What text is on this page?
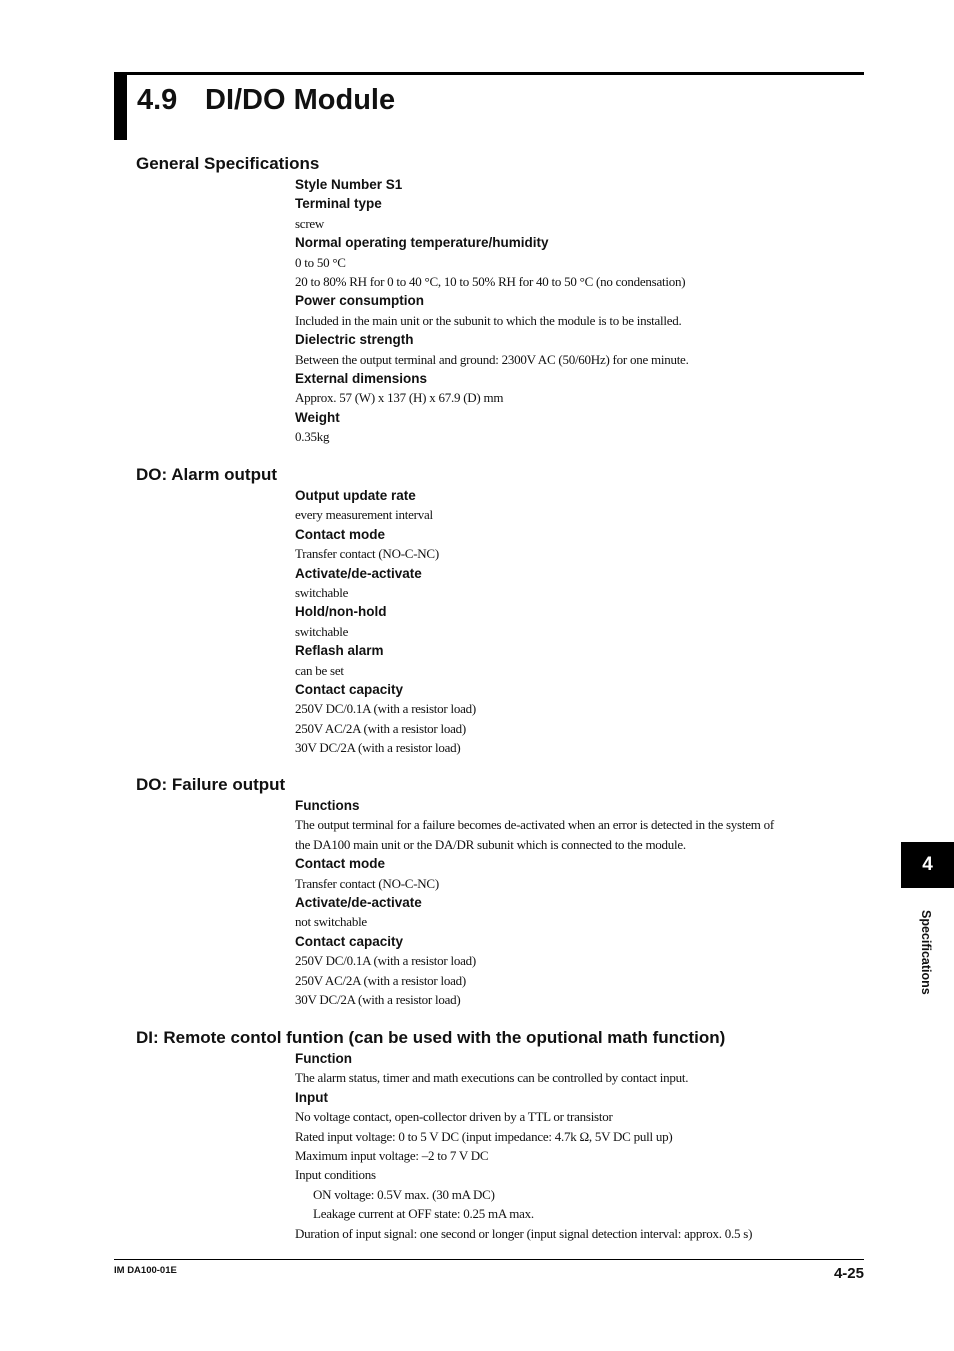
4.9 DI/DO Module
General Specifications
Style Number S1
Terminal type
screw
Normal operating temperature/humidity
0 to 50 °C
20 to 80% RH for 0 to 40 °C, 10 to 50% RH for 40 to 50 °C (no condensation)
Power consumption
Included in the main unit or the subunit to which the module is to be installed.
Dielectric strength
Between the output terminal and ground: 2300V AC (50/60Hz) for one minute.
External dimensions
Approx. 57 (W) x 137 (H) x 67.9 (D) mm
Weight
0.35kg
DO: Alarm output
Output update rate
every measurement interval
Contact mode
Transfer contact (NO-C-NC)
Activate/de-activate
switchable
Hold/non-hold
switchable
Reflash alarm
can be set
Contact capacity
250V DC/0.1A (with a resistor load)
250V AC/2A (with a resistor load)
30V DC/2A (with a resistor load)
DO: Failure output
Functions
The output terminal for a failure becomes de-activated when an error is detected in the system of
the DA100 main unit or the DA/DR subunit which is connected to the module.
Contact mode
Transfer contact (NO-C-NC)
Activate/de-activate
not switchable
Contact capacity
250V DC/0.1A (with a resistor load)
250V AC/2A (with a resistor load)
30V DC/2A (with a resistor load)
DI: Remote contol funtion (can be used with the oputional math function)
Function
The alarm status, timer and math executions can be controlled by contact input.
Input
No voltage contact, open-collector driven by a TTL or transistor
Rated input voltage: 0 to 5 V DC (input impedance: 4.7k Ω, 5V DC pull up)
Maximum input voltage: –2 to 7 V DC
Input conditions
ON voltage: 0.5V max. (30 mA DC)
Leakage current at OFF state: 0.25 mA max.
Duration of input signal: one second or longer (input signal detection interval: approx. 0.5 s)
4
Specifications
IM DA100-01E	4-25
